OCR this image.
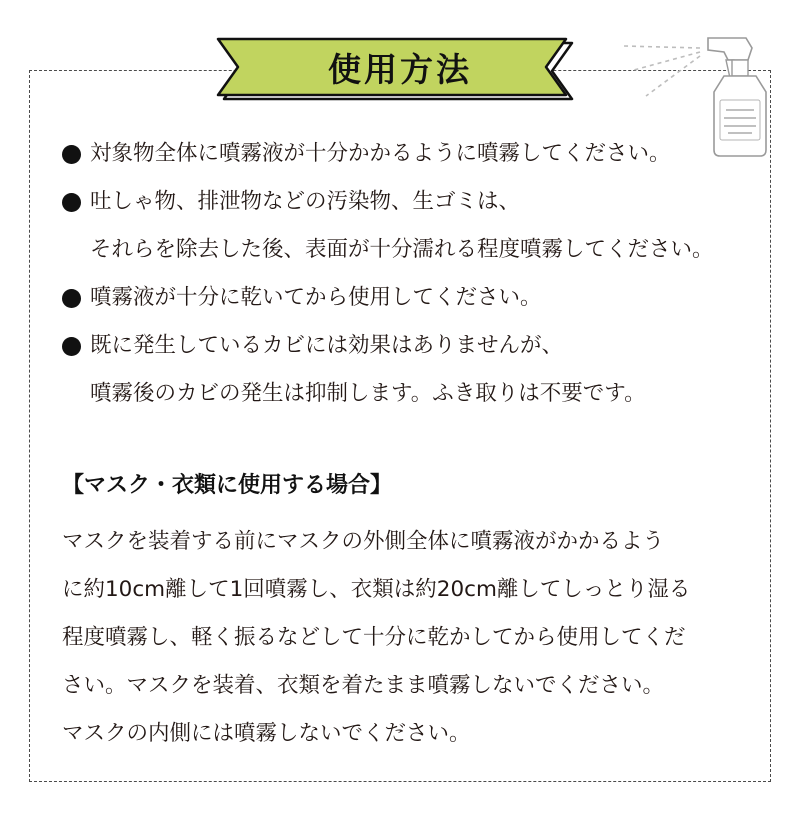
使用方法
対象物全体に噴霧液が十分かかるように噴霧してください。
吐しゃ物、排泄物などの汚染物、生ゴミは、
それらを除去した後、表面が十分濡れる程度噴霧してください。
噴霧液が十分に乾いてから使用してください。
既に発生しているカビには効果はありませんが、
噴霧後のカビの発生は抑制します。ふき取りは不要です。
【マスク・衣類に使用する場合】
マスクを装着する前にマスクの外側全体に噴霧液がかかるよう
に約10cm離して1回噴霧し、衣類は約20cm離してしっとり湿る
程度噴霧し、軽く振るなどして十分に乾かしてから使用してくだ
さい。マスクを装着、衣類を着たまま噴霧しないでください。
マスクの内側には噴霧しないでください。
